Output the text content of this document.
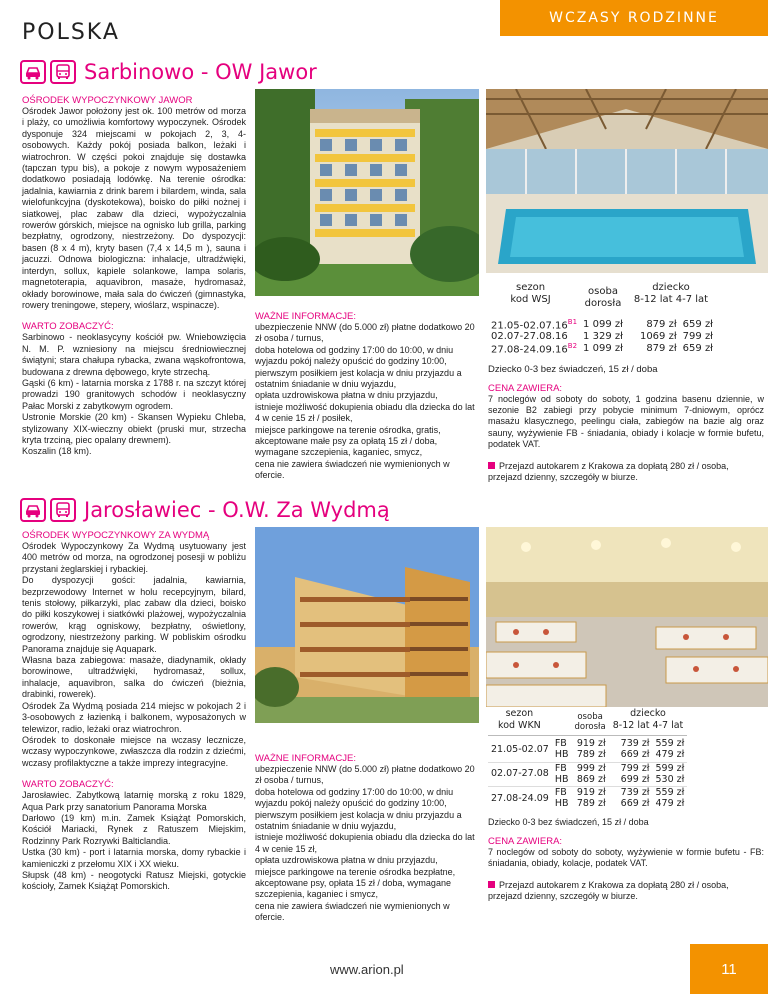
POLSKA
WCZASY RODZINNE
Sarbinowo - OW Jawor
OŚRODEK WYPOCZYNKOWY JAWOR
Ośrodek Jawor położony jest ok. 100 metrów od morza i plaży, co umożliwia komfortowy wypoczynek. Ośrodek dysponuje 324 miejscami w pokojach 2, 3, 4-osobowych. Każdy pokój posiada balkon, leżaki i wiatrochron. W części pokoi znajduje się dostawka (tapczan typu bis), a pokoje z nowym wyposażeniem dodatkowo posiadają lodówkę. Na terenie ośrodka: jadalnia, kawiarnia z drink barem i bilardem, winda, sala wielofunkcyjna (dyskotekowa), boisko do piłki nożnej i siatkowej, plac zabaw dla dzieci, wypożyczalnia rowerów górskich, miejsce na ognisko lub grilla, parking bezpłatny, ogrodzony, niestrzeżony. Do dyspozycji: basen (8 x 4 m), kryty basen (7,4 x 14,5 m ), sauna i jacuzzi. Odnowa biologiczna: inhalacje, ultradźwięki, interdyn, sollux, kąpiele solankowe, lampa solaris, magnetoterapia, aquavibron, masaże, hydromasaż, okłady borowinowe, mała sala do ćwiczeń (gimnastyka, rowery treningowe, stepery, wioślarz, wspinacze).
WARTO ZOBACZYĆ:
Sarbinowo - neoklasycyny kościół pw. Wniebowzięcia N. M. P. wzniesiony na miejscu średniowiecznej świątyni; stara chałupa rybacka, zwana wąskofrontowa, budowana z drewna dębowego, kryte strzechą.
Gąski (6 km) - latarnia morska z 1788 r. na szczyt której prowadzi 190 granitowych schodów i neoklasyczny Pałac Morski z zabytkowym ogrodem.
Ustronie Morskie (20 km) - Skansen Wypieku Chleba, stylizowany XIX-wieczny obiekt (pruski mur, strzecha kryta trzciną, piec opalany drewnem).
Koszalin (18 km).
WAŻNE INFORMACJE:
ubezpieczenie NNW (do 5.000 zł) płatne dodatkowo 20 zł osoba / turnus,
doba hotelowa od godziny 17:00 do 10:00, w dniu wyjazdu pokój należy opuścić do godziny 10:00,
pierwszym posiłkiem jest kolacja w dniu przyjazdu a ostatnim śniadanie w dniu wyjazdu,
opłata uzdrowiskowa płatna w dniu przyjazdu,
istnieje możliwość dokupienia obiadu dla dziecka do lat 4 w cenie 15 zł / posiłek,
miejsce parkingowe na terenie ośrodka, gratis,
akceptowane małe psy za opłatą 15 zł / doba, wymagane szczepienia, kaganiec, smycz,
cena nie zawiera świadczeń nie wymienionych w ofercie.
sezon
kod WSJ	osoba
dorosła	dziecko
8-12 lat 4-7 lat	

$21.05-02.07.16^{B1}$	1 099 zł	879 zł	659 zł
02.07-27.08.16	1 329 zł	1069 zł	799 zł
$27.08-24.09.16^{B2}$	1 099 zł	879 zł	659 zł
Dziecko 0-3 bez świadczeń, 15 zł / doba
CENA ZAWIERA:
7 noclegów od soboty do soboty, 1 godzina basenu dziennie, w sezonie B2 zabiegi przy pobycie minimum 7-dniowym, oprócz masażu klasycznego, peelingu ciała, zabiegów na bazie alg oraz sauny, wyżywienie FB - śniadania, obiady i kolacje w formie bufetu, podatek VAT.
Przejazd autokarem z Krakowa za dopłatą 280 zł / osoba, przejazd dzienny, szczegóły w biurze.
Jarosławiec - O.W. Za Wydmą
OŚRODEK WYPOCZYNKOWY ZA WYDMĄ
Ośrodek Wypoczynkowy Za Wydmą usytuowany jest 400 metrów od morza, na ogrodzonej posesji w pobliżu przystani żeglarskiej i rybackiej.
Do dyspozycji gości: jadalnia, kawiarnia, bezprzewodowy Internet w holu recepcyjnym, bilard, tenis stołowy, piłkarzyki, plac zabaw dla dzieci, boisko do piłki koszykowej i siatkówki plażowej, wypożyczalnia rowerów, krąg ogniskowy, bezpłatny, oświetlony, ogrodzony, niestrzeżony parking. W pobliskim ośrodku Panorama znajduje się Aquapark.
Własna baza zabiegowa: masaże, diadynamik, okłady borowinowe, ultradźwięki, hydromasaż, sollux, inhalacje, aquavibron, salka do ćwiczeń (bieżnia, drabinki, rowerek).
Ośrodek Za Wydmą posiada 214 miejsc w pokojach 2 i 3-osobowych z łazienką i balkonem, wyposażonych w telewizor, radio, leżaki oraz wiatrochron.
Ośrodek to doskonałe miejsce na wczasy lecznicze, wczasy wypoczynkowe, zwłaszcza dla rodzin z dziećmi, wczasy profilaktyczne a także imprezy integracyjne.
WARTO ZOBACZYĆ:
Jarosławiec. Zabytkową latarnię morską z roku 1829, Aqua Park przy sanatorium Panorama Morska
Darłowo (19 km) m.in. Zamek Książąt Pomorskich, Kościół Mariacki, Rynek z Ratuszem Miejskim, Rodzinny Park Rozrywki Balticlandia.
Ustka (30 km) - port i latarnia morska, domy rybackie i kamieniczki z przełomu XIX i XX wieku.
Słupsk (48 km) - neogotycki Ratusz Miejski, gotyckie kościoły, Zamek Książąt Pomorskich.
WAŻNE INFORMACJE:
ubezpieczenie NNW (do 5.000 zł) płatne dodatkowo 20 zł osoba / turnus,
doba hotelowa od godziny 17:00 do 10:00, w dniu wyjazdu pokój należy opuścić do godziny 10:00,
pierwszym posiłkiem jest kolacja w dniu przyjazdu a ostatnim śniadanie w dniu wyjazdu,
istnieje możliwość dokupienia obiadu dla dziecka do lat 4 w cenie 15 zł,
opłata uzdrowiskowa płatna w dniu przyjazdu,
miejsce parkingowe na terenie ośrodka bezpłatne,
akceptowane psy, opłata 15 zł / doba, wymagane szczepienia, kaganiec i smycz,
cena nie zawiera świadczeń nie wymienionych w ofercie.
sezon
kod WKN		osoba
dorosła	dziecko
8-12 lat 4-7 lat	

21.05-02.07	FB	919 zł	739 zł	559 zł
	HB	789 zł	669 zł	479 zł

02.07-27.08	FB	999 zł	799 zł	599 zł
	HB	869 zł	699 zł	530 zł

27.08-24.09	FB	919 zł	739 zł	559 zł
	HB	789 zł	669 zł	479 zł
Dziecko 0-3 bez świadczeń, 15 zł / doba
CENA ZAWIERA:
7 noclegów od soboty do soboty, wyżywienie w formie bufetu - FB: śniadania, obiady, kolacje, podatek VAT.
Przejazd autokarem z Krakowa za dopłatą 280 zł / osoba, przejazd dzienny, szczegóły w biurze.
www.arion.pl	11
